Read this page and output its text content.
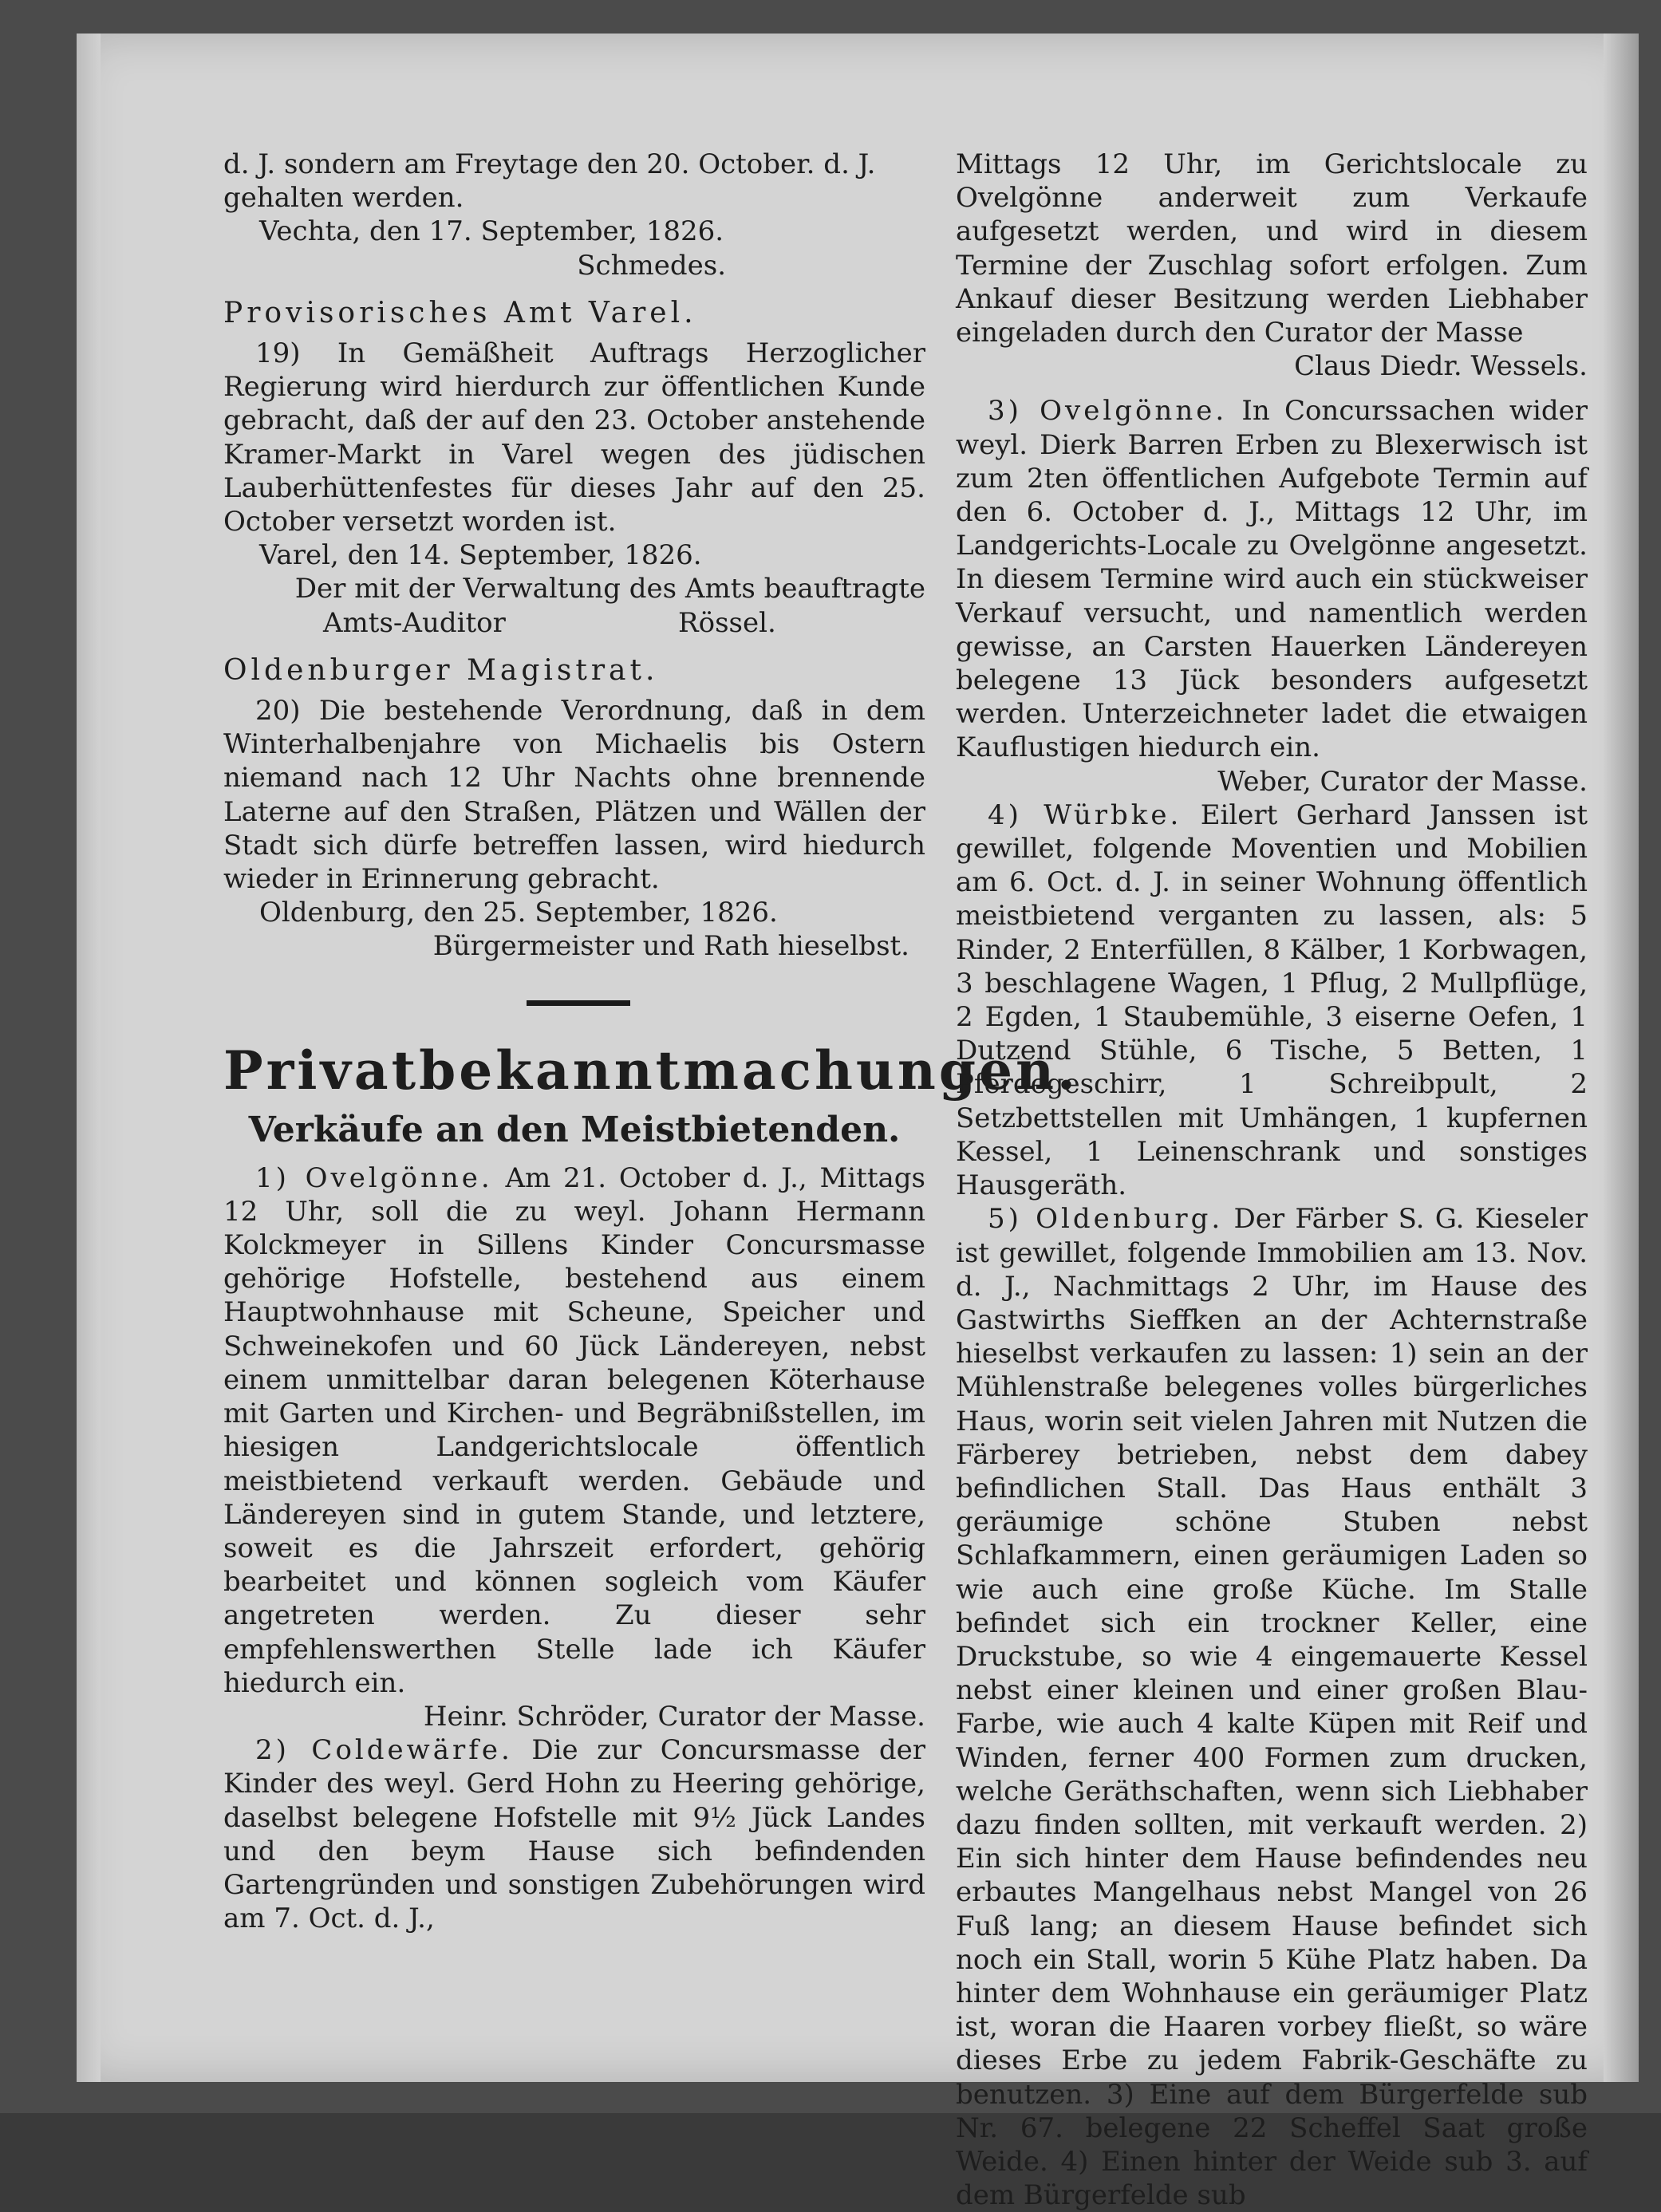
d. J. sondern am Freytage den 20. October. d. J.

gehalten werden.

Vechta, den 17. September, 1826.

Schmedes.

Provisorisches Amt Varel.

19) In Gemäßheit Auftrags Herzoglicher Regierung wird hierdurch zur öffentlichen Kunde gebracht, daß der auf den 23. October anstehende Kramer-Markt in Varel wegen des jüdischen Lauberhüttenfestes für dieses Jahr auf den 25. October versetzt worden ist.

Varel, den 14. September, 1826.

Der mit der Verwaltung des Amts beauftragte

Amts-Auditor                    Rössel.

Oldenburger Magistrat.

20) Die bestehende Verordnung, daß in dem Winterhalbenjahre von Michaelis bis Ostern niemand nach 12 Uhr Nachts ohne brennende Laterne auf den Straßen, Plätzen und Wällen der Stadt sich dürfe betreffen lassen, wird hiedurch wieder in Erinnerung gebracht.

Oldenburg, den 25. September, 1826.

Bürgermeister und Rath hieselbst.

Privatbekanntmachungen.

Verkäufe an den Meistbietenden.

1) Ovelgönne. Am 21. October d. J., Mittags 12 Uhr, soll die zu weyl. Johann Hermann Kolckmeyer in Sillens Kinder Concursmasse gehörige Hofstelle, bestehend aus einem Hauptwohnhause mit Scheune, Speicher und Schweinekofen und 60 Jück Ländereyen, nebst einem unmittelbar daran belegenen Köterhause mit Garten und Kirchen- und Begräbnißstellen, im hiesigen Landgerichtslocale öffentlich meistbietend verkauft werden. Gebäude und Ländereyen sind in gutem Stande, und letztere, soweit es die Jahrszeit erfordert, gehörig bearbeitet und können sogleich vom Käufer angetreten werden. Zu dieser sehr empfehlenswerthen Stelle lade ich Käufer hiedurch ein.

Heinr. Schröder, Curator der Masse.

2) Coldewärfe. Die zur Concursmasse der Kinder des weyl. Gerd Hohn zu Heering gehörige, daselbst belegene Hofstelle mit 9½ Jück Landes und den beym Hause sich befindenden Gartengründen und sonstigen Zubehörungen wird am 7. Oct. d. J.,

Mittags 12 Uhr, im Gerichtslocale zu Ovelgönne anderweit zum Verkaufe aufgesetzt werden, und wird in diesem Termine der Zuschlag sofort erfolgen. Zum Ankauf dieser Besitzung werden Liebhaber eingeladen durch den Curator der Masse

Claus Diedr. Wessels.

3) Ovelgönne. In Concurssachen wider weyl. Dierk Barren Erben zu Blexerwisch ist zum 2ten öffentlichen Aufgebote Termin auf den 6. October d. J., Mittags 12 Uhr, im Landgerichts-Locale zu Ovelgönne angesetzt. In diesem Termine wird auch ein stückweiser Verkauf versucht, und namentlich werden gewisse, an Carsten Hauerken Ländereyen belegene 13 Jück besonders aufgesetzt werden. Unterzeichneter ladet die etwaigen Kauflustigen hiedurch ein.

Weber, Curator der Masse.

4) Würbke. Eilert Gerhard Janssen ist gewillet, folgende Moventien und Mobilien am 6. Oct. d. J. in seiner Wohnung öffentlich meistbietend verganten zu lassen, als: 5 Rinder, 2 Enterfüllen, 8 Kälber, 1 Korbwagen, 3 beschlagene Wagen, 1 Pflug, 2 Mullpflüge, 2 Egden, 1 Staubemühle, 3 eiserne Oefen, 1 Dutzend Stühle, 6 Tische, 5 Betten, 1 Pferdegeschirr, 1 Schreibpult, 2 Setzbettstellen mit Umhängen, 1 kupfernen Kessel, 1 Leinenschrank und sonstiges Hausgeräth.

5) Oldenburg. Der Färber S. G. Kieseler ist gewillet, folgende Immobilien am 13. Nov. d. J., Nachmittags 2 Uhr, im Hause des Gastwirths Sieffken an der Achternstraße hieselbst verkaufen zu lassen: 1) sein an der Mühlenstraße belegenes volles bürgerliches Haus, worin seit vielen Jahren mit Nutzen die Färberey betrieben, nebst dem dabey befindlichen Stall. Das Haus enthält 3 geräumige schöne Stuben nebst Schlafkammern, einen geräumigen Laden so wie auch eine große Küche. Im Stalle befindet sich ein trockner Keller, eine Druckstube, so wie 4 eingemauerte Kessel nebst einer kleinen und einer großen Blau-Farbe, wie auch 4 kalte Küpen mit Reif und Winden, ferner 400 Formen zum drucken, welche Geräthschaften, wenn sich Liebhaber dazu finden sollten, mit verkauft werden. 2) Ein sich hinter dem Hause befindendes neu erbautes Mangelhaus nebst Mangel von 26 Fuß lang; an diesem Hause befindet sich noch ein Stall, worin 5 Kühe Platz haben. Da hinter dem Wohnhause ein geräumiger Platz ist, woran die Haaren vorbey fließt, so wäre dieses Erbe zu jedem Fabrik-Geschäfte zu benutzen. 3) Eine auf dem Bürgerfelde sub Nr. 67. belegene 22 Scheffel Saat große Weide. 4) Einen hinter der Weide sub 3. auf dem Bürgerfelde sub
